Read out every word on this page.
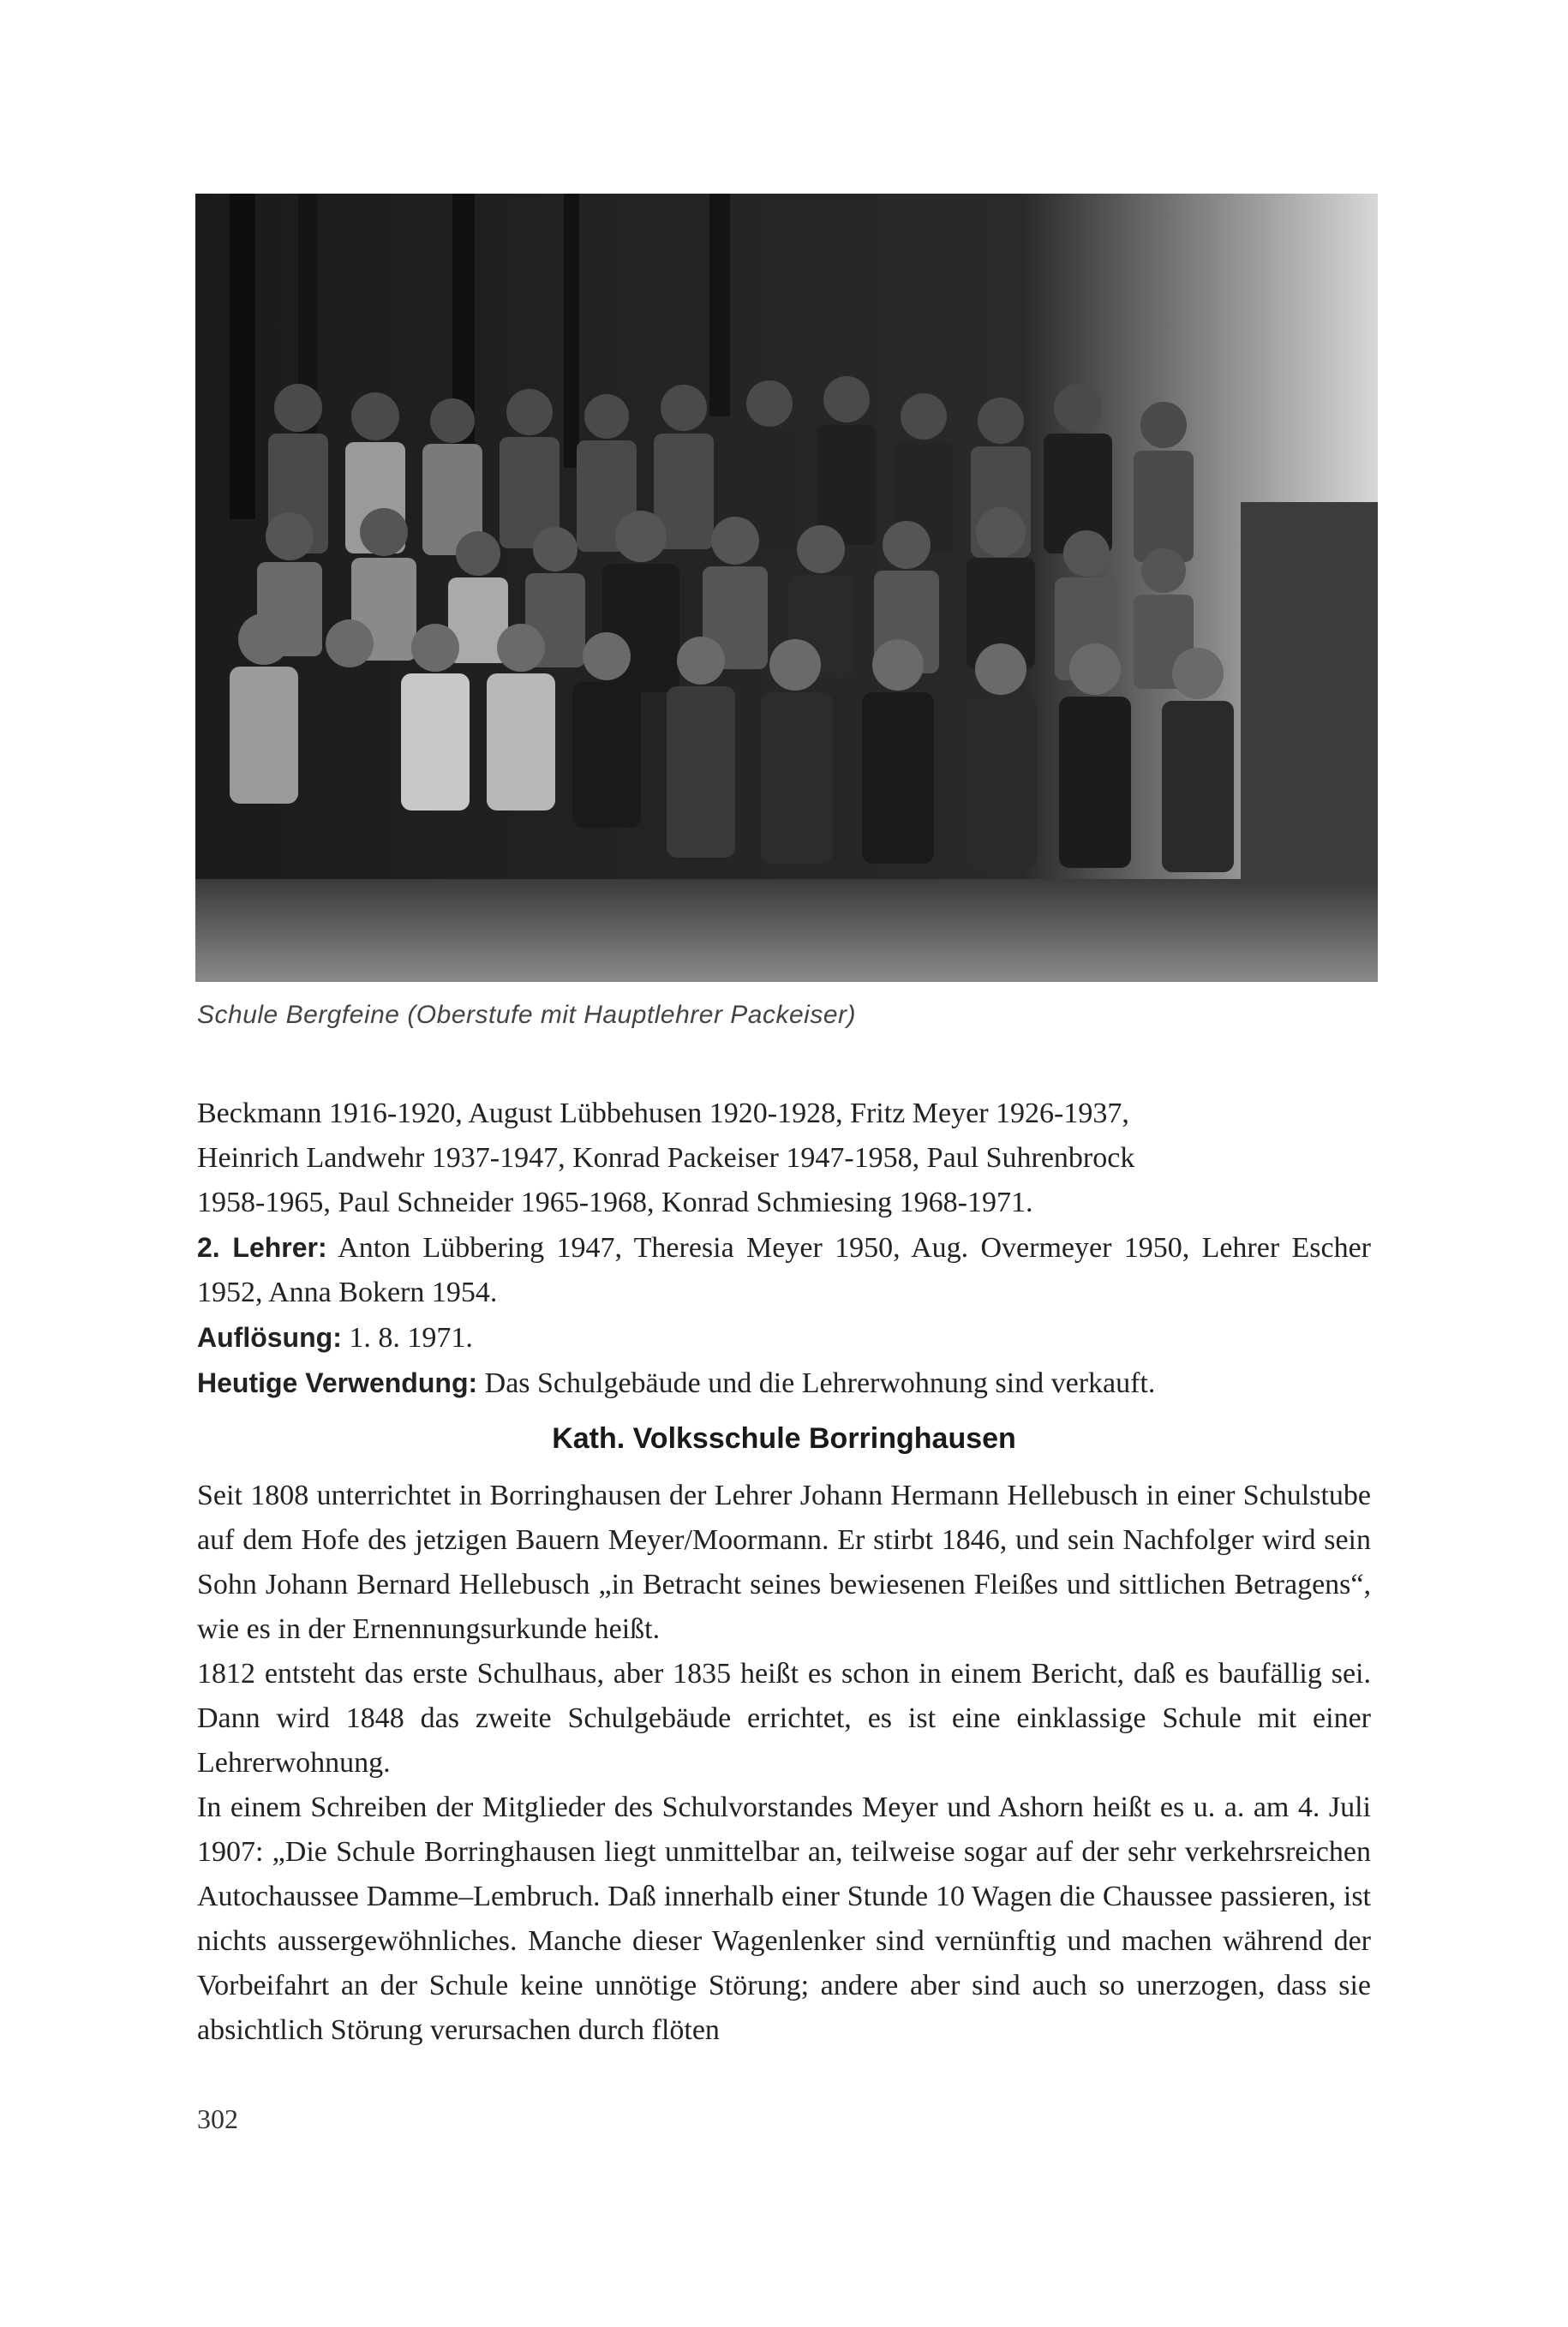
Schule Bergfeine (Oberstufe mit Hauptlehrer Packeiser)

Beckmann 1916-1920, August Lübbehusen 1920-1928, Fritz Meyer 1926-1937,

Heinrich Landwehr 1937-1947, Konrad Packeiser 1947-1958, Paul Suhrenbrock

1958-1965, Paul Schneider 1965-1968, Konrad Schmiesing 1968-1971.

2. Lehrer: Anton Lübbering 1947, Theresia Meyer 1950, Aug. Overmeyer 1950, Lehrer Escher 1952, Anna Bokern 1954.

Auflösung: 1. 8. 1971.

Heutige Verwendung: Das Schulgebäude und die Lehrerwohnung sind verkauft.

Kath. Volksschule Borringhausen

Seit 1808 unterrichtet in Borringhausen der Lehrer Johann Hermann Hellebusch in einer Schulstube auf dem Hofe des jetzigen Bauern Meyer/Moormann. Er stirbt 1846, und sein Nachfolger wird sein Sohn Johann Bernard Hellebusch „in Betracht seines bewiesenen Fleißes und sittlichen Betragens“, wie es in der Ernennungsurkunde heißt.

1812 entsteht das erste Schulhaus, aber 1835 heißt es schon in einem Bericht, daß es baufällig sei. Dann wird 1848 das zweite Schulgebäude errichtet, es ist eine einklassige Schule mit einer Lehrerwohnung.

In einem Schreiben der Mitglieder des Schulvorstandes Meyer und Ashorn heißt es u. a. am 4. Juli 1907: „Die Schule Borringhausen liegt unmittelbar an, teilweise sogar auf der sehr verkehrsreichen Autochaussee Damme–Lembruch. Daß innerhalb einer Stunde 10 Wagen die Chaussee passieren, ist nichts aussergewöhnliches. Manche dieser Wagenlenker sind vernünftig und machen während der Vorbeifahrt an der Schule keine unnötige Störung; andere aber sind auch so unerzogen, dass sie absichtlich Störung verursachen durch flöten

302
